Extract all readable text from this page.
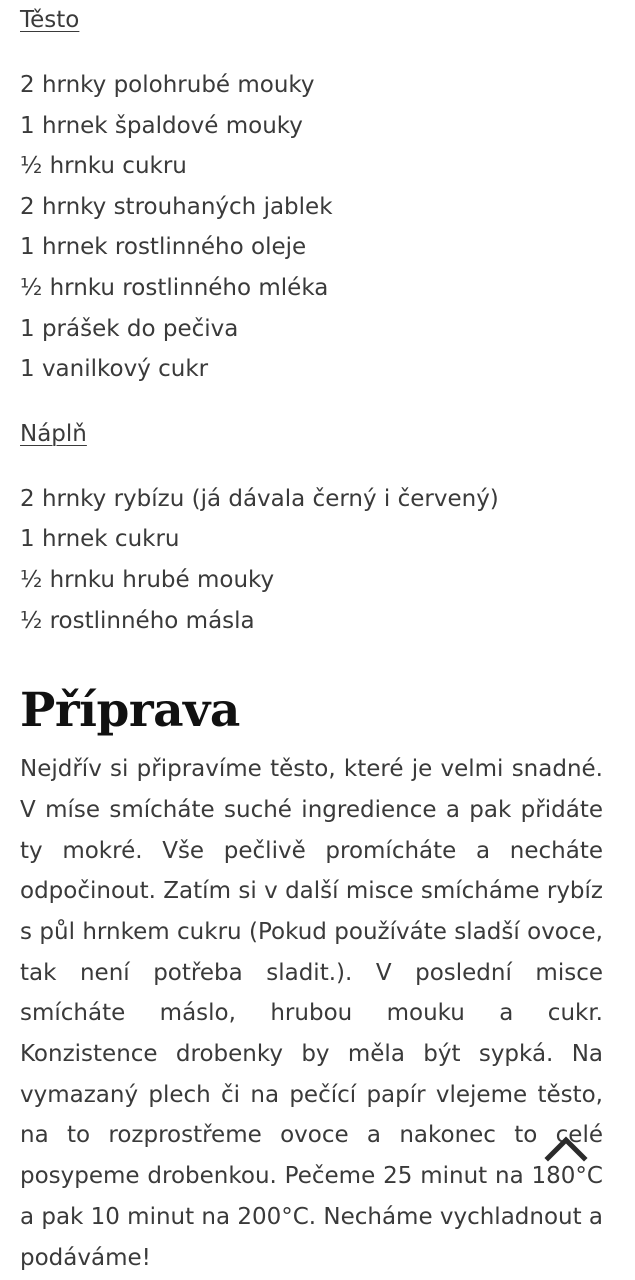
Těsto

2 hrnky polohrubé mouky
1 hrnek špaldové mouky
½ hrnku cukru
2 hrnky strouhaných jablek
1 hrnek rostlinného oleje
½ hrnku rostlinného mléka
1 prášek do pečiva
1 vanilkový cukr

Náplň

2 hrnky rybízu (já dávala černý i červený)
1 hrnek cukru
½ hrnku hrubé mouky
½ rostlinného másla
Příprava

Nejdřív si připravíme těsto, které je velmi snadné. V míse smícháte suché ingredience a pak přidáte ty mokré. Vše pečlivě promícháte a necháte odpočinout. Zatím si v další misce smícháme rybíz s půl hrnkem cukru (Pokud používáte sladší ovoce, tak není potřeba sladit.). V poslední misce smícháte máslo, hrubou mouku a cukr. Konzistence drobenky by měla být sypká. Na vymazaný plech či na pečící papír vlejeme těsto, na to rozprostřeme ovoce a nakonec to celé posypeme drobenkou. Pečeme 25 minut na 180°C a pak 10 minut na 200°C. Necháme vychladnout a podáváme!
